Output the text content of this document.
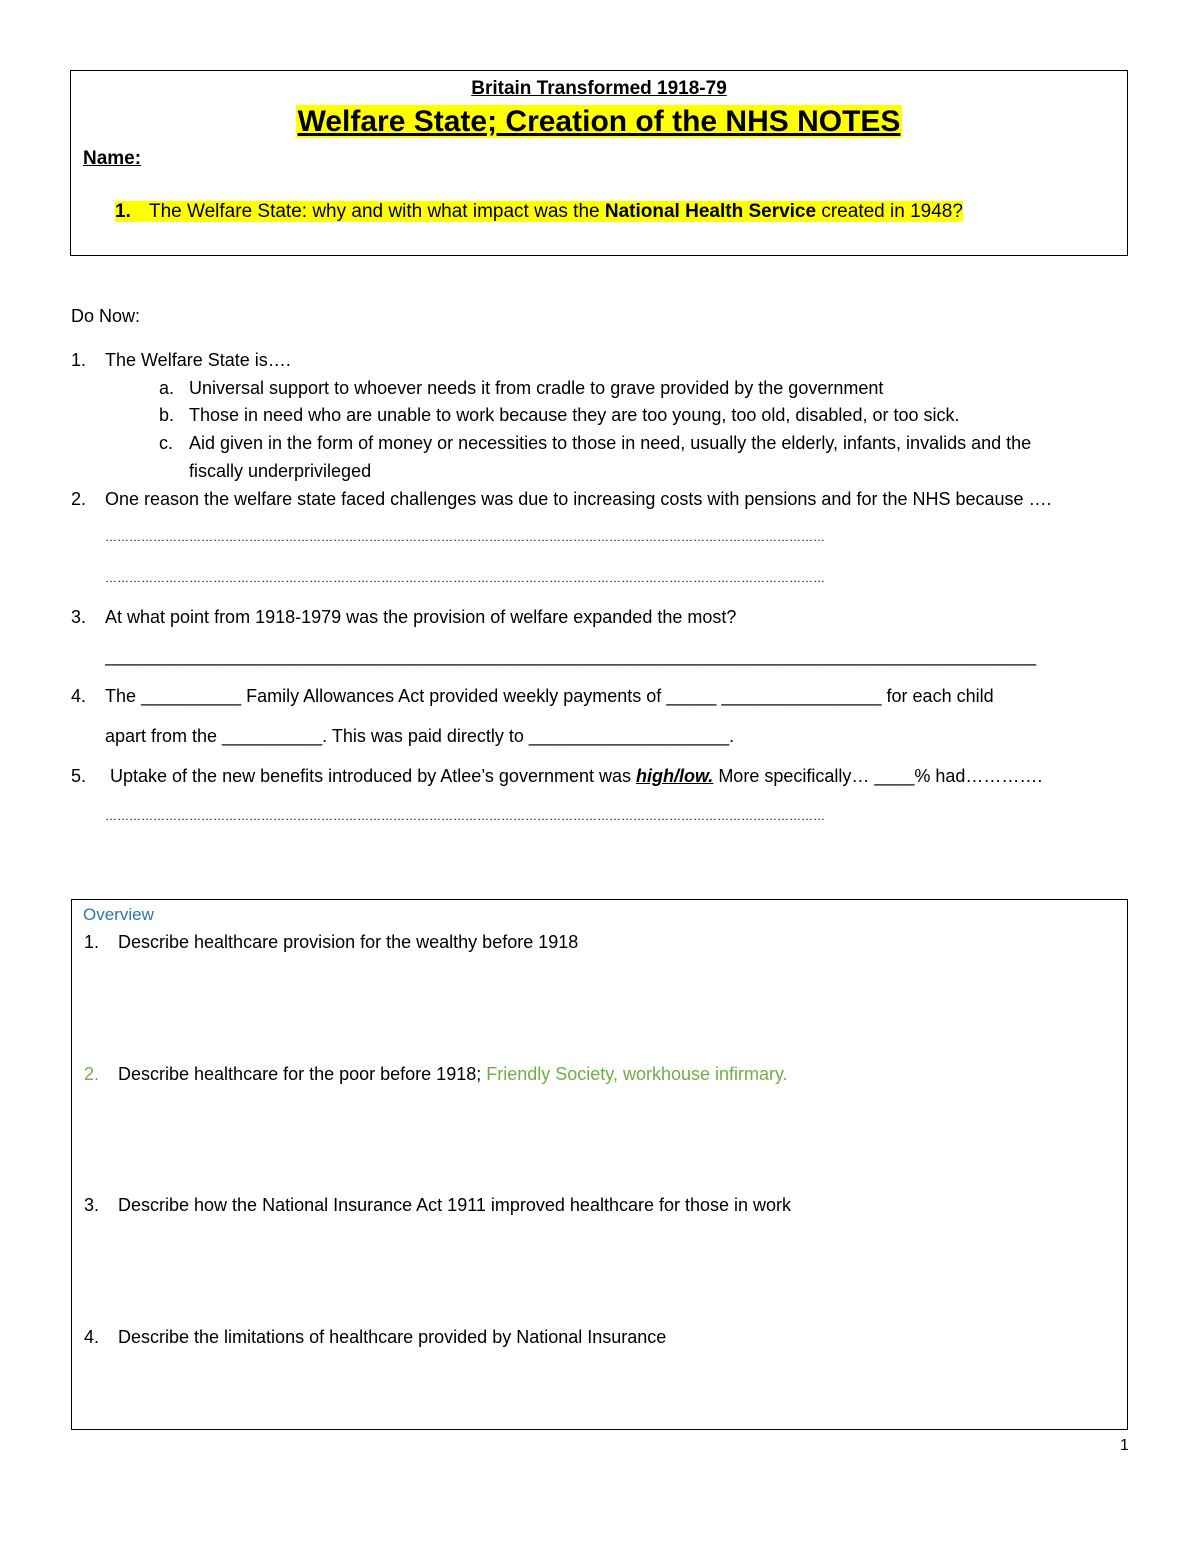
Britain Transformed 1918-79
Welfare State; Creation of the NHS NOTES
Name:
1. The Welfare State: why and with what impact was the National Health Service created in 1948?
Do Now:
1. The Welfare State is….
a. Universal support to whoever needs it from cradle to grave provided by the government
b. Those in need who are unable to work because they are too young, too old, disabled, or too sick.
c. Aid given in the form of money or necessities to those in need, usually the elderly, infants, invalids and the
fiscally underprivileged
2. One reason the welfare state faced challenges was due to increasing costs with pensions and for the NHS because ….
………………………………………………………………………………………………………………………………………………………………
………………………………………………………………………………………………………………………………………………………………
3. At what point from 1918-1979 was the provision of welfare expanded the most?
_____________________________________________________________________________________________
4. The __________ Family Allowances Act provided weekly payments of _____ ________________ for each child
apart from the __________. This was paid directly to ____________________.
5. Uptake of the new benefits introduced by Atlee’s government was high/low. More specifically… ____% had………….
………………………………………………………………………………………………………………………………………………………………
Overview
1. Describe healthcare provision for the wealthy before 1918
2. Describe healthcare for the poor before 1918; Friendly Society, workhouse infirmary.
3. Describe how the National Insurance Act 1911 improved healthcare for those in work
4. Describe the limitations of healthcare provided by National Insurance
1
